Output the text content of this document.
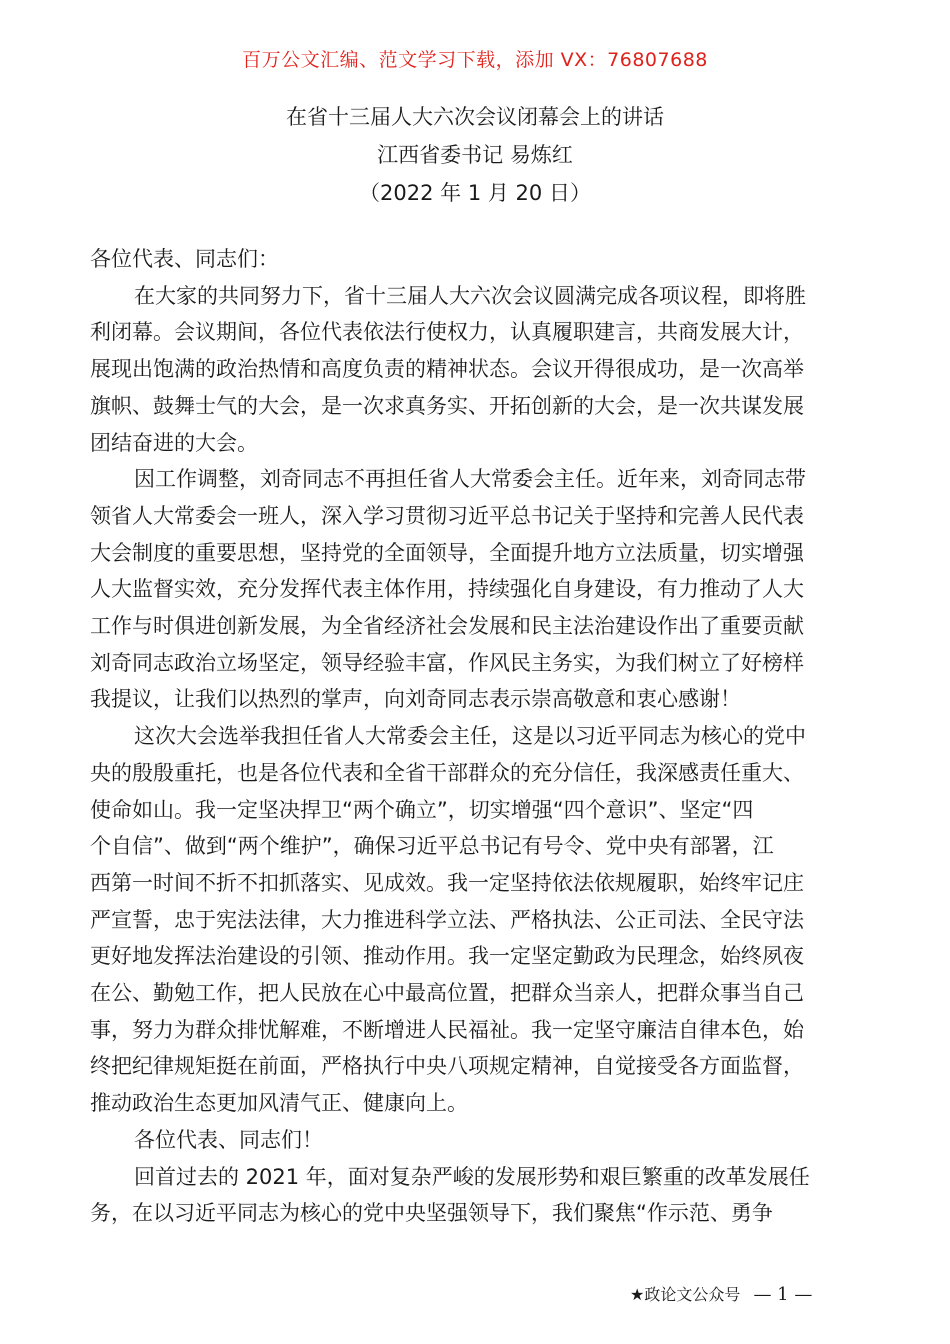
百万公文汇编、范文学习下载，添加 VX：76807688
在省十三届人大六次会议闭幕会上的讲话
江西省委书记 易炼红
（2022 年 1 月 20 日）
各位代表、同志们：
在大家的共同努力下，省十三届人大六次会议圆满完成各项议程，即将胜
利闭幕。会议期间，各位代表依法行使权力，认真履职建言，共商发展大计，
展现出饱满的政治热情和高度负责的精神状态。会议开得很成功，是一次高举
旗帜、鼓舞士气的大会，是一次求真务实、开拓创新的大会，是一次共谋发展
团结奋进的大会。
因工作调整，刘奇同志不再担任省人大常委会主任。近年来，刘奇同志带
领省人大常委会一班人，深入学习贯彻习近平总书记关于坚持和完善人民代表
大会制度的重要思想，坚持党的全面领导，全面提升地方立法质量，切实增强
人大监督实效，充分发挥代表主体作用，持续强化自身建设，有力推动了人大
工作与时俱进创新发展，为全省经济社会发展和民主法治建设作出了重要贡献
刘奇同志政治立场坚定，领导经验丰富，作风民主务实，为我们树立了好榜样
我提议，让我们以热烈的掌声，向刘奇同志表示崇高敬意和衷心感谢！
这次大会选举我担任省人大常委会主任，这是以习近平同志为核心的党中
央的殷殷重托，也是各位代表和全省干部群众的充分信任，我深感责任重大、
使命如山。我一定坚决捍卫“两个确立”，切实增强“四个意识”、坚定“四
个自信”、做到“两个维护”，确保习近平总书记有号令、党中央有部署，江
西第一时间不折不扣抓落实、见成效。我一定坚持依法依规履职，始终牢记庄
严宣誓，忠于宪法法律，大力推进科学立法、严格执法、公正司法、全民守法
更好地发挥法治建设的引领、推动作用。我一定坚定勤政为民理念，始终夙夜
在公、勤勉工作，把人民放在心中最高位置，把群众当亲人，把群众事当自己
事，努力为群众排忧解难，不断增进人民福祉。我一定坚守廉洁自律本色，始
终把纪律规矩挺在前面，严格执行中央八项规定精神，自觉接受各方面监督，
推动政治生态更加风清气正、健康向上。
各位代表、同志们！
回首过去的 2021 年，面对复杂严峻的发展形势和艰巨繁重的改革发展任
务，在以习近平同志为核心的党中央坚强领导下，我们聚焦“作示范、勇争
★政论文公众号 — 1 —
